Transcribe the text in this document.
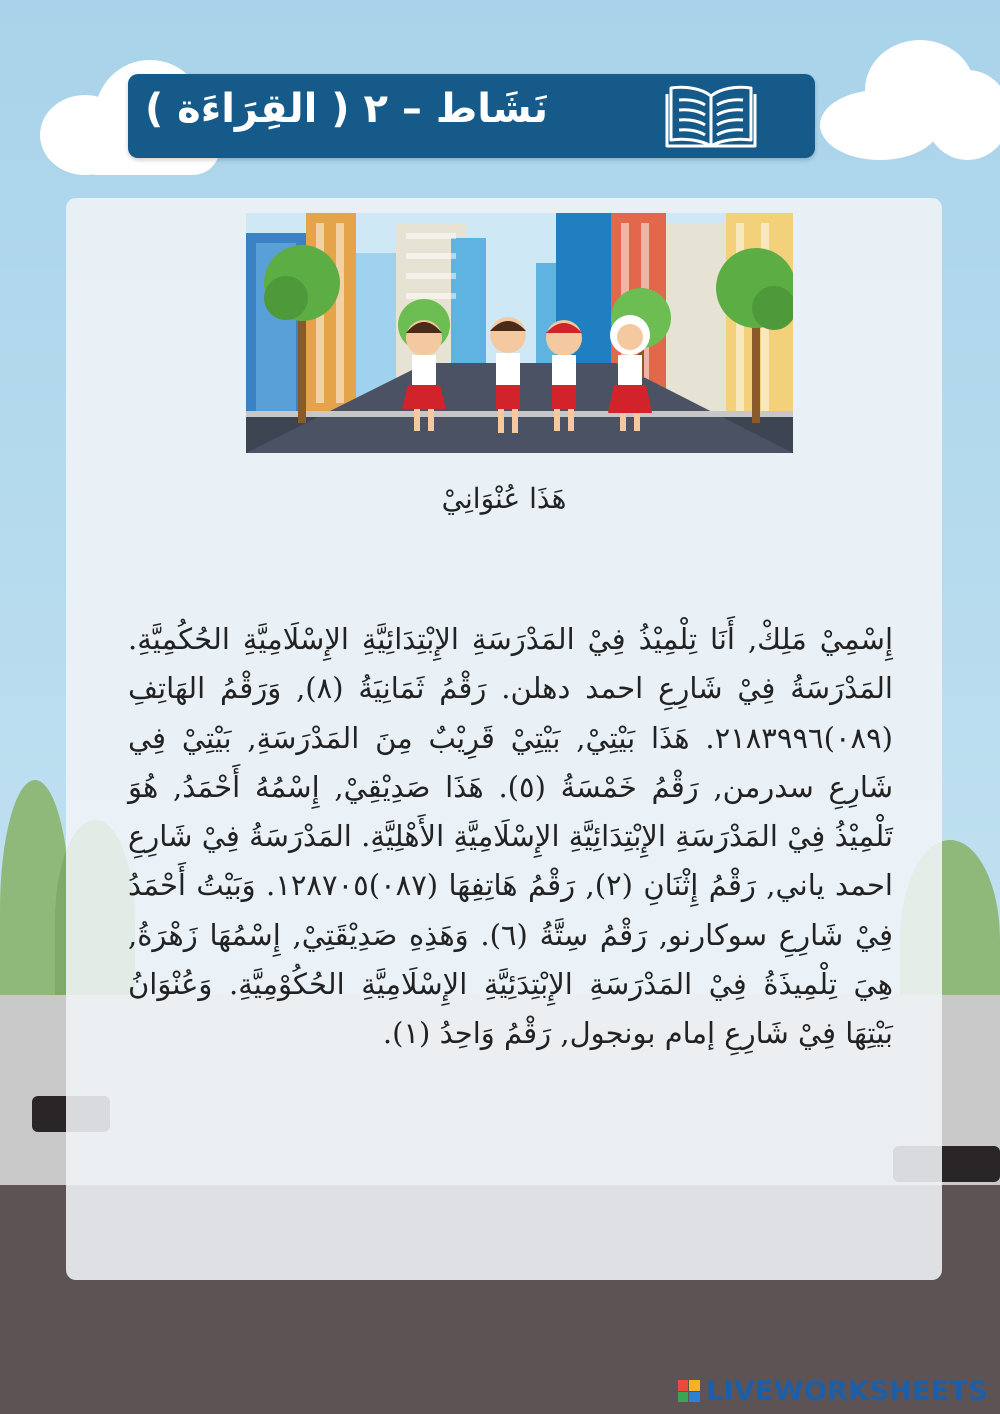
نَشَاط – ٢ ( القِرَاءَة )
هَذَا عُنْوَانِيْ

إِسْمِيْ مَلِكْ, أَنَا تِلْمِيْذُ فِيْ المَدْرَسَةِ الإِبْتِدَائِيَّةِ الإِسْلَامِيَّةِ الحُكُمِيَّةِ. المَدْرَسَةُ فِيْ شَارِعِ احمد دهلن. رَقْمُ ثَمَانِيَةُ (٨), وَرَقْمُ الهَاتِفِ (٠٨٩)٢١٨٣٩٩٦. هَذَا بَيْتِيْ, بَيْتِيْ قَرِيْبٌ مِنَ المَدْرَسَةِ, بَيْتِيْ فِي شَارِعِ سدرمن, رَقْمُ خَمْسَةُ (٥). هَذَا صَدِيْقِيْ, إِسْمُهُ أَحْمَدُ, هُوَ تَلْمِيْذُ فِيْ المَدْرَسَةِ الإِبْتِدَائِيَّةِ الإِسْلَامِيَّةِ الأَهْلِيَّةِ. المَدْرَسَةُ فِيْ شَارِعِ احمد ياني, رَقْمُ إِثْنَانِ (٢), رَقْمُ هَاتِفِهَا (٠٨٧)١٢٨٧٠٥. وَبَيْتُ أَحْمَدُ فِيْ شَارِعِ سوكارنو, رَقْمُ سِتَّةُ (٦). وَهَذِهِ صَدِيْقَتِيْ, إِسْمُهَا زَهْرَةُ, هِيَ تِلْمِيذَةُ فِيْ المَدْرَسَةِ الإِبْتِدَئِيَّةِ الإِسْلَامِيَّةِ الحُكُوْمِيَّةِ. وَعُنْوَانُ بَيْتِهَا فِيْ شَارِعِ إمام بونجول, رَقْمُ وَاحِدُ (١).

LIVEWORKSHEETS
